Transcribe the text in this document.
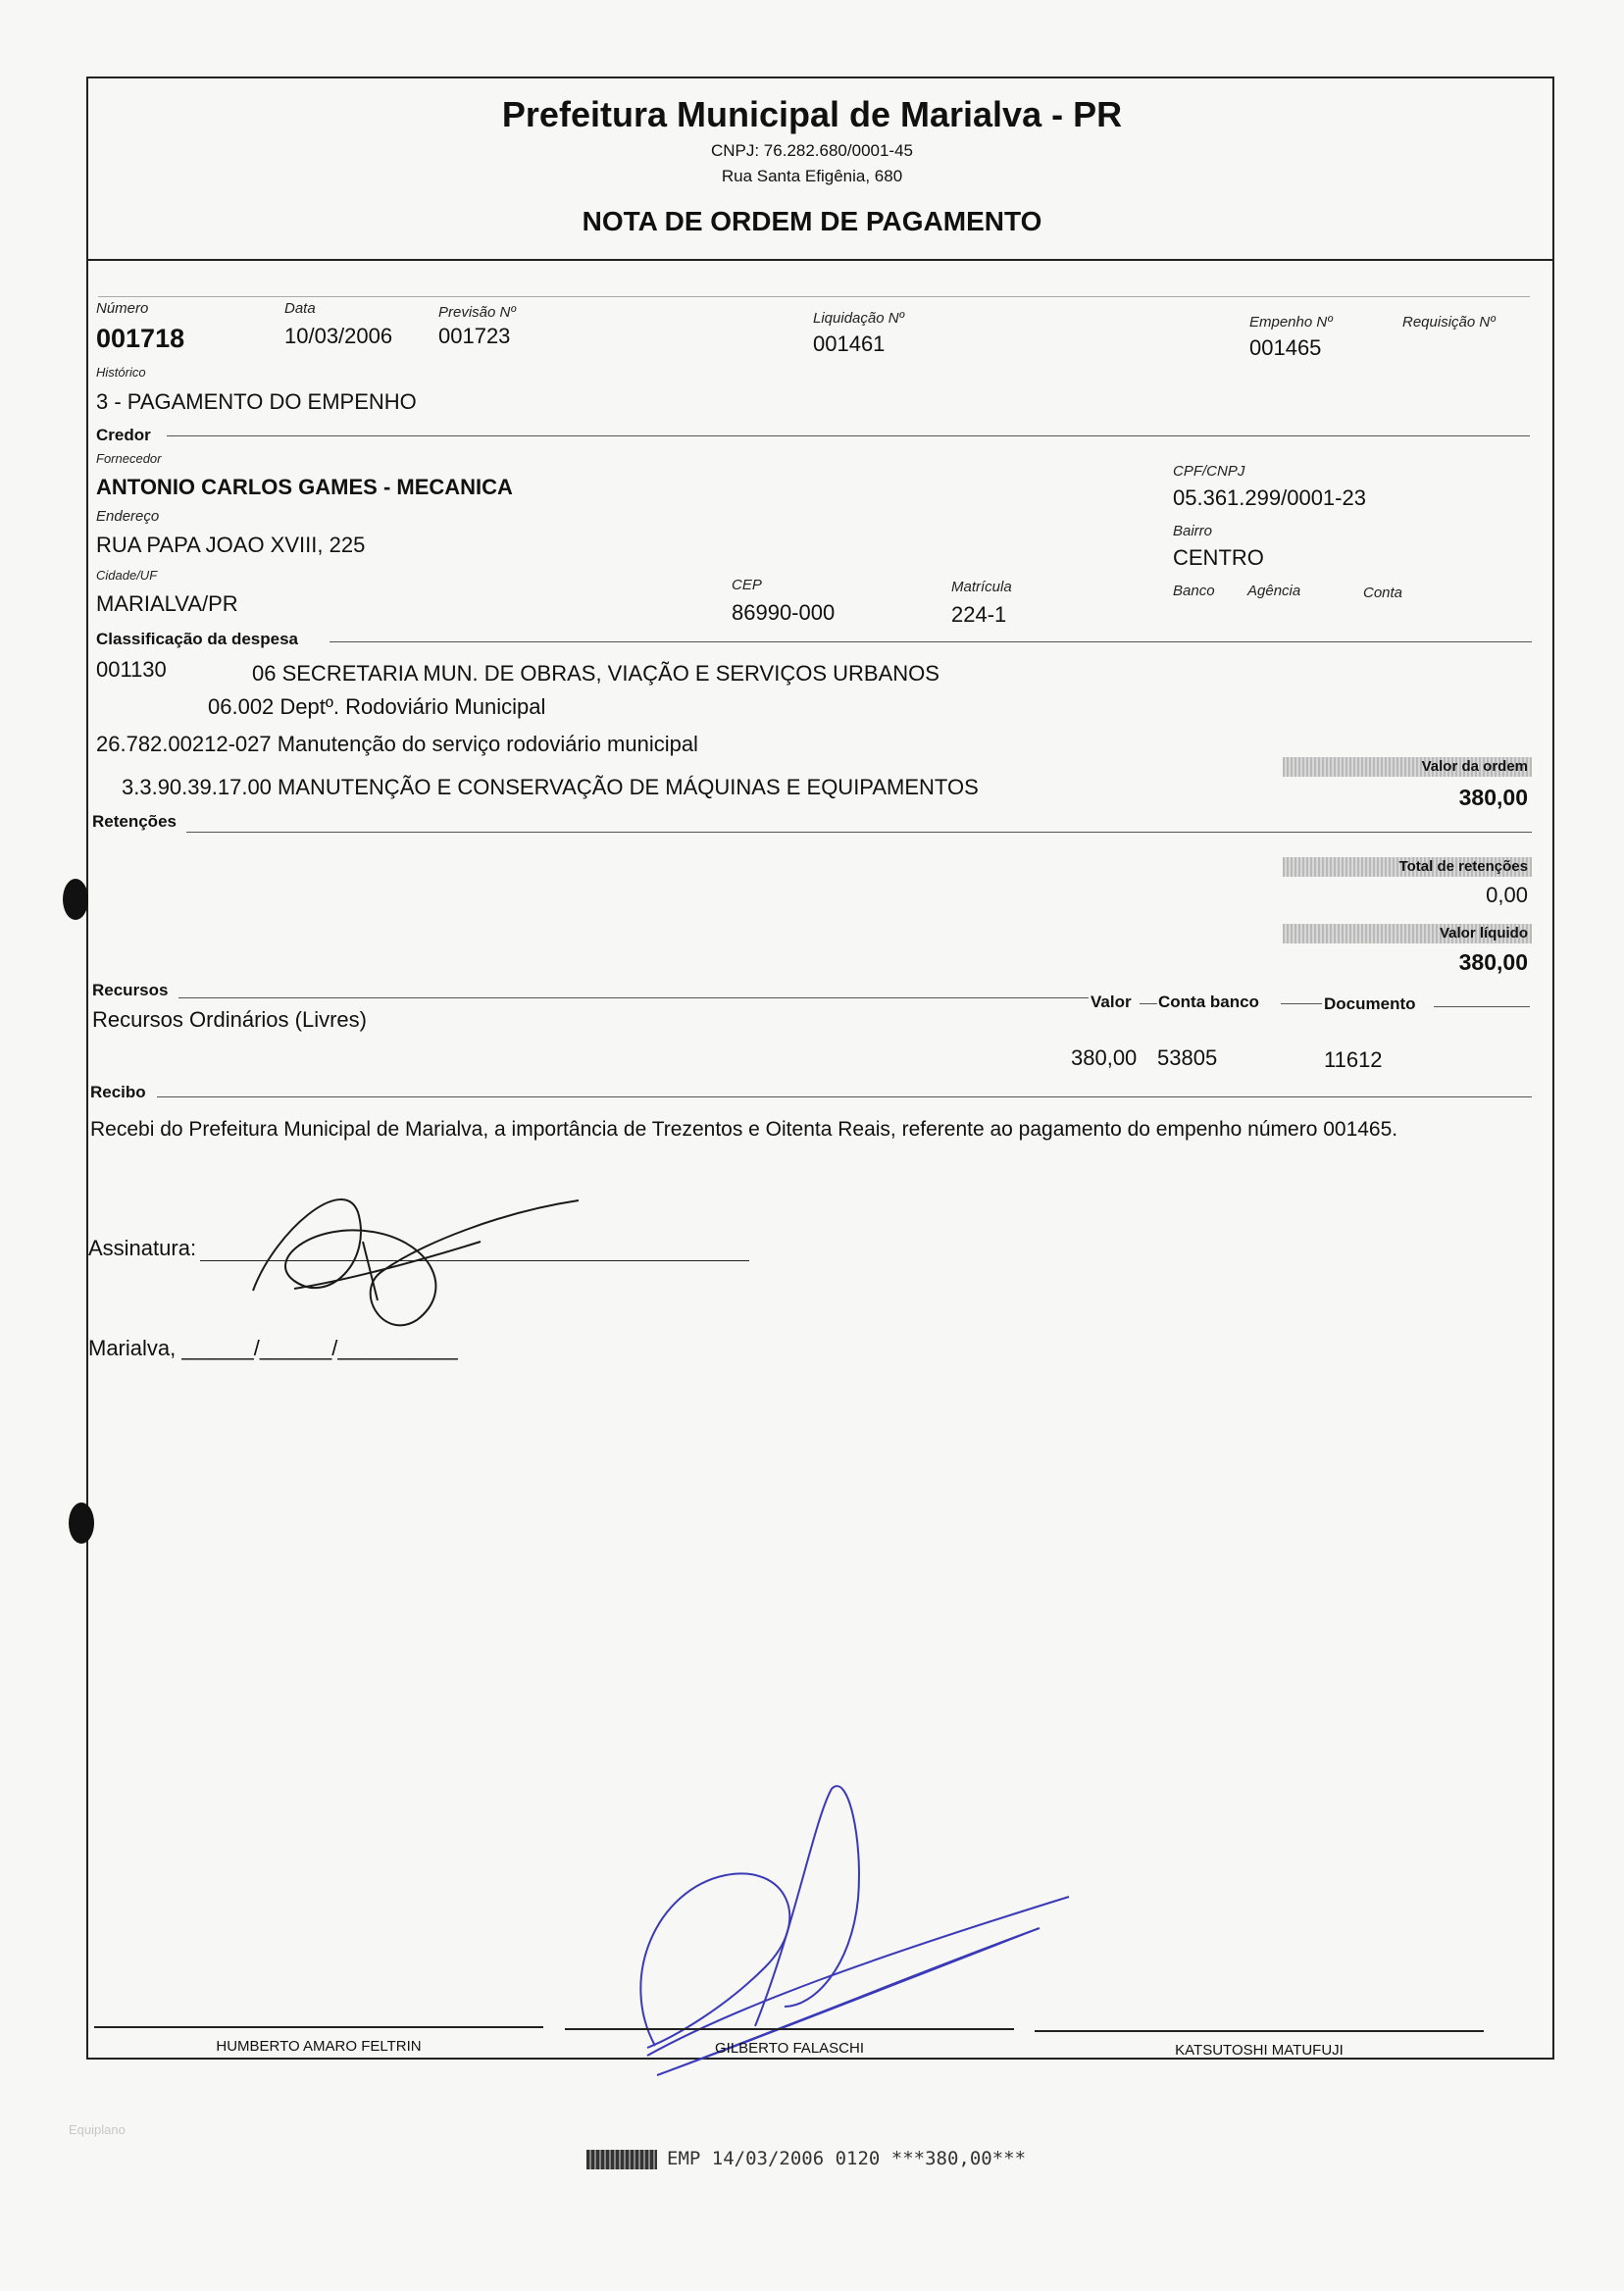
Prefeitura Municipal de Marialva - PR
CNPJ: 76.282.680/0001-45
Rua Santa Efigênia, 680
NOTA DE ORDEM DE PAGAMENTO
Número
001718
Data
10/03/2006
Previsão Nº
001723
Liquidação Nº
001461
Empenho Nº
001465
Requisição Nº
Histórico
3 - PAGAMENTO DO EMPENHO
Credor
Fornecedor
ANTONIO CARLOS GAMES - MECANICA
CPF/CNPJ
05.361.299/0001-23
Endereço
RUA PAPA JOAO XVIII, 225
Bairro
CENTRO
Cidade/UF
MARIALVA/PR
CEP
86990-000
Matrícula
224-1
Banco Agência	Conta
Classificação da despesa
001130	06 SECRETARIA MUN. DE OBRAS, VIAÇÃO E SERVIÇOS URBANOS
06.002 Deptº. Rodoviário Municipal
26.782.00212-027 Manutenção do serviço rodoviário municipal
3.3.90.39.17.00 MANUTENÇÃO E CONSERVAÇÃO DE MÁQUINAS E EQUIPAMENTOS
Valor da ordem
380,00
Retenções
Total de retenções
0,00
Valor líquido
380,00
Recursos
Valor Conta banco	Documento
Recursos Ordinários (Livres)
380,00 53805	11612
Recibo
Recebi do Prefeitura Municipal de Marialva, a importância de Trezentos e Oitenta Reais, referente ao pagamento do empenho número 001465.
Assinatura:
Marialva, ______/______/__________
HUMBERTO AMARO FELTRIN	GILBERTO FALASCHI	KATSUTOSHI MATUFUJI
Equiplano
EMP 14/03/2006 0120 ***380,00***
